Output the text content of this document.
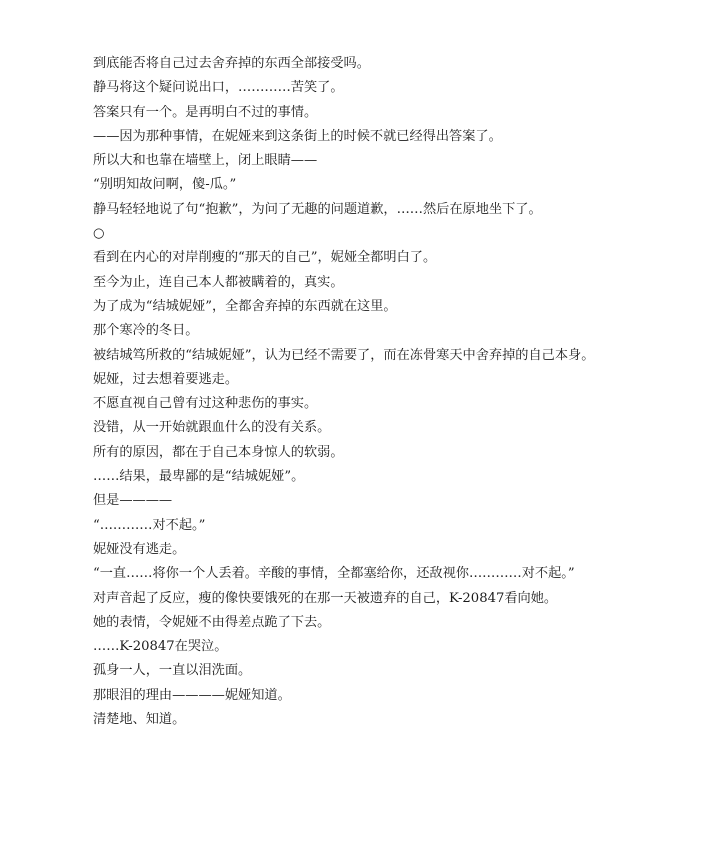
到底能否将自己过去舍弃掉的东西全部接受吗。

静马将这个疑问说出口，…………苦笑了。

答案只有一个。是再明白不过的事情。

——因为那种事情，在妮娅来到这条街上的时候不就已经得出答案了。

所以大和也靠在墙壁上，闭上眼睛——

“别明知故问啊，傻-瓜。”

静马轻轻地说了句“抱歉”，为问了无趣的问题道歉，……然后在原地坐下了。

○

看到在内心的对岸削瘦的“那天的自己”，妮娅全都明白了。

至今为止，连自己本人都被瞒着的，真实。

为了成为“结城妮娅”，全都舍弃掉的东西就在这里。

那个寒冷的冬日。

被结城笃所救的“结城妮娅”，认为已经不需要了，而在冻骨寒天中舍弃掉的自己本身。

妮娅，过去想着要逃走。

不愿直视自己曾有过这种悲伤的事实。

没错，从一开始就跟血什么的没有关系。

所有的原因，都在于自己本身惊人的软弱。

……结果，最卑鄙的是“结城妮娅”。

但是————

“…………对不起。”

妮娅没有逃走。

“一直……将你一个人丢着。辛酸的事情，全都塞给你，还敌视你…………对不起。”

对声音起了反应，瘦的像快要饿死的在那一天被遗弃的自己，K-20847看向她。

她的表情，令妮娅不由得差点跪了下去。

……K-20847在哭泣。

孤身一人，一直以泪洗面。

那眼泪的理由————妮娅知道。

清楚地、知道。
